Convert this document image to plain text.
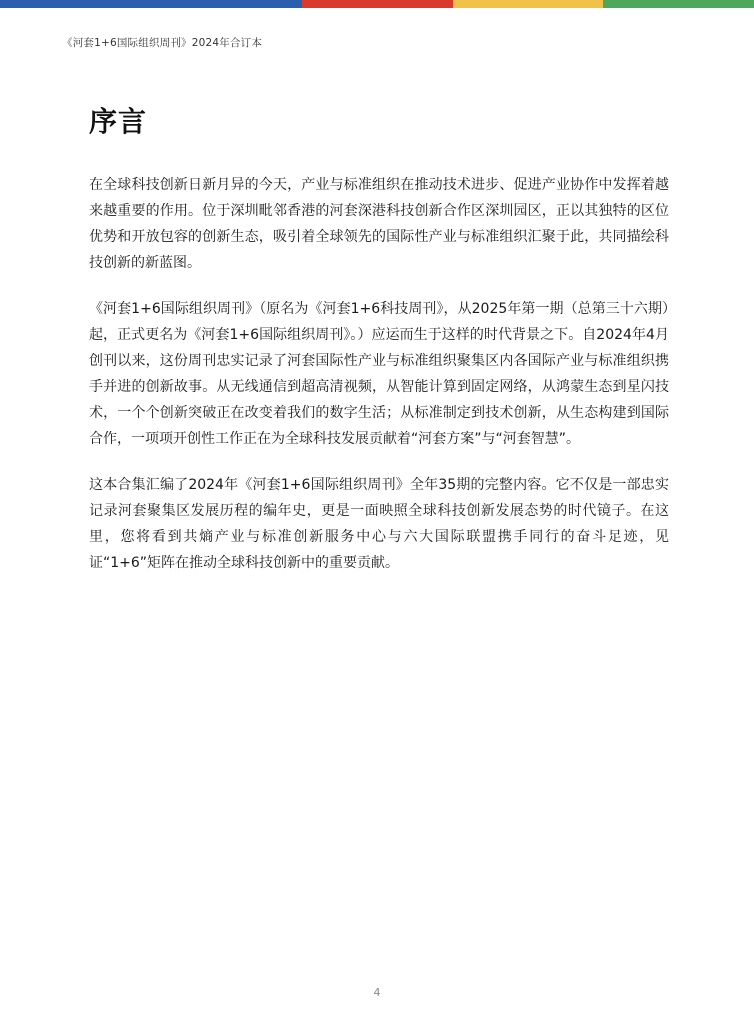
《河套1+6国际组织周刊》2024年合订本
序言

在全球科技创新日新月异的今天，产业与标准组织在推动技术进步、促进产业协作中发挥着越来越重要的作用。位于深圳毗邻香港的河套深港科技创新合作区深圳园区，正以其独特的区位优势和开放包容的创新生态，吸引着全球领先的国际性产业与标准组织汇聚于此，共同描绘科技创新的新蓝图。

《河套1+6国际组织周刊》（原名为《河套1+6科技周刊》，从2025年第一期（总第三十六期）起，正式更名为《河套1+6国际组织周刊》。）应运而生于这样的时代背景之下。自2024年4月创刊以来，这份周刊忠实记录了河套国际性产业与标准组织聚集区内各国际产业与标准组织携手并进的创新故事。从无线通信到超高清视频，从智能计算到固定网络，从鸿蒙生态到星闪技术，一个个创新突破正在改变着我们的数字生活；从标准制定到技术创新，从生态构建到国际合作，一项项开创性工作正在为全球科技发展贡献着“河套方案”与“河套智慧”。

这本合集汇编了2024年《河套1+6国际组织周刊》全年35期的完整内容。它不仅是一部忠实记录河套聚集区发展历程的编年史，更是一面映照全球科技创新发展态势的时代镜子。在这里，您将看到共熵产业与标准创新服务中心与六大国际联盟携手同行的奋斗足迹，见证“1+6”矩阵在推动全球科技创新中的重要贡献。

4
